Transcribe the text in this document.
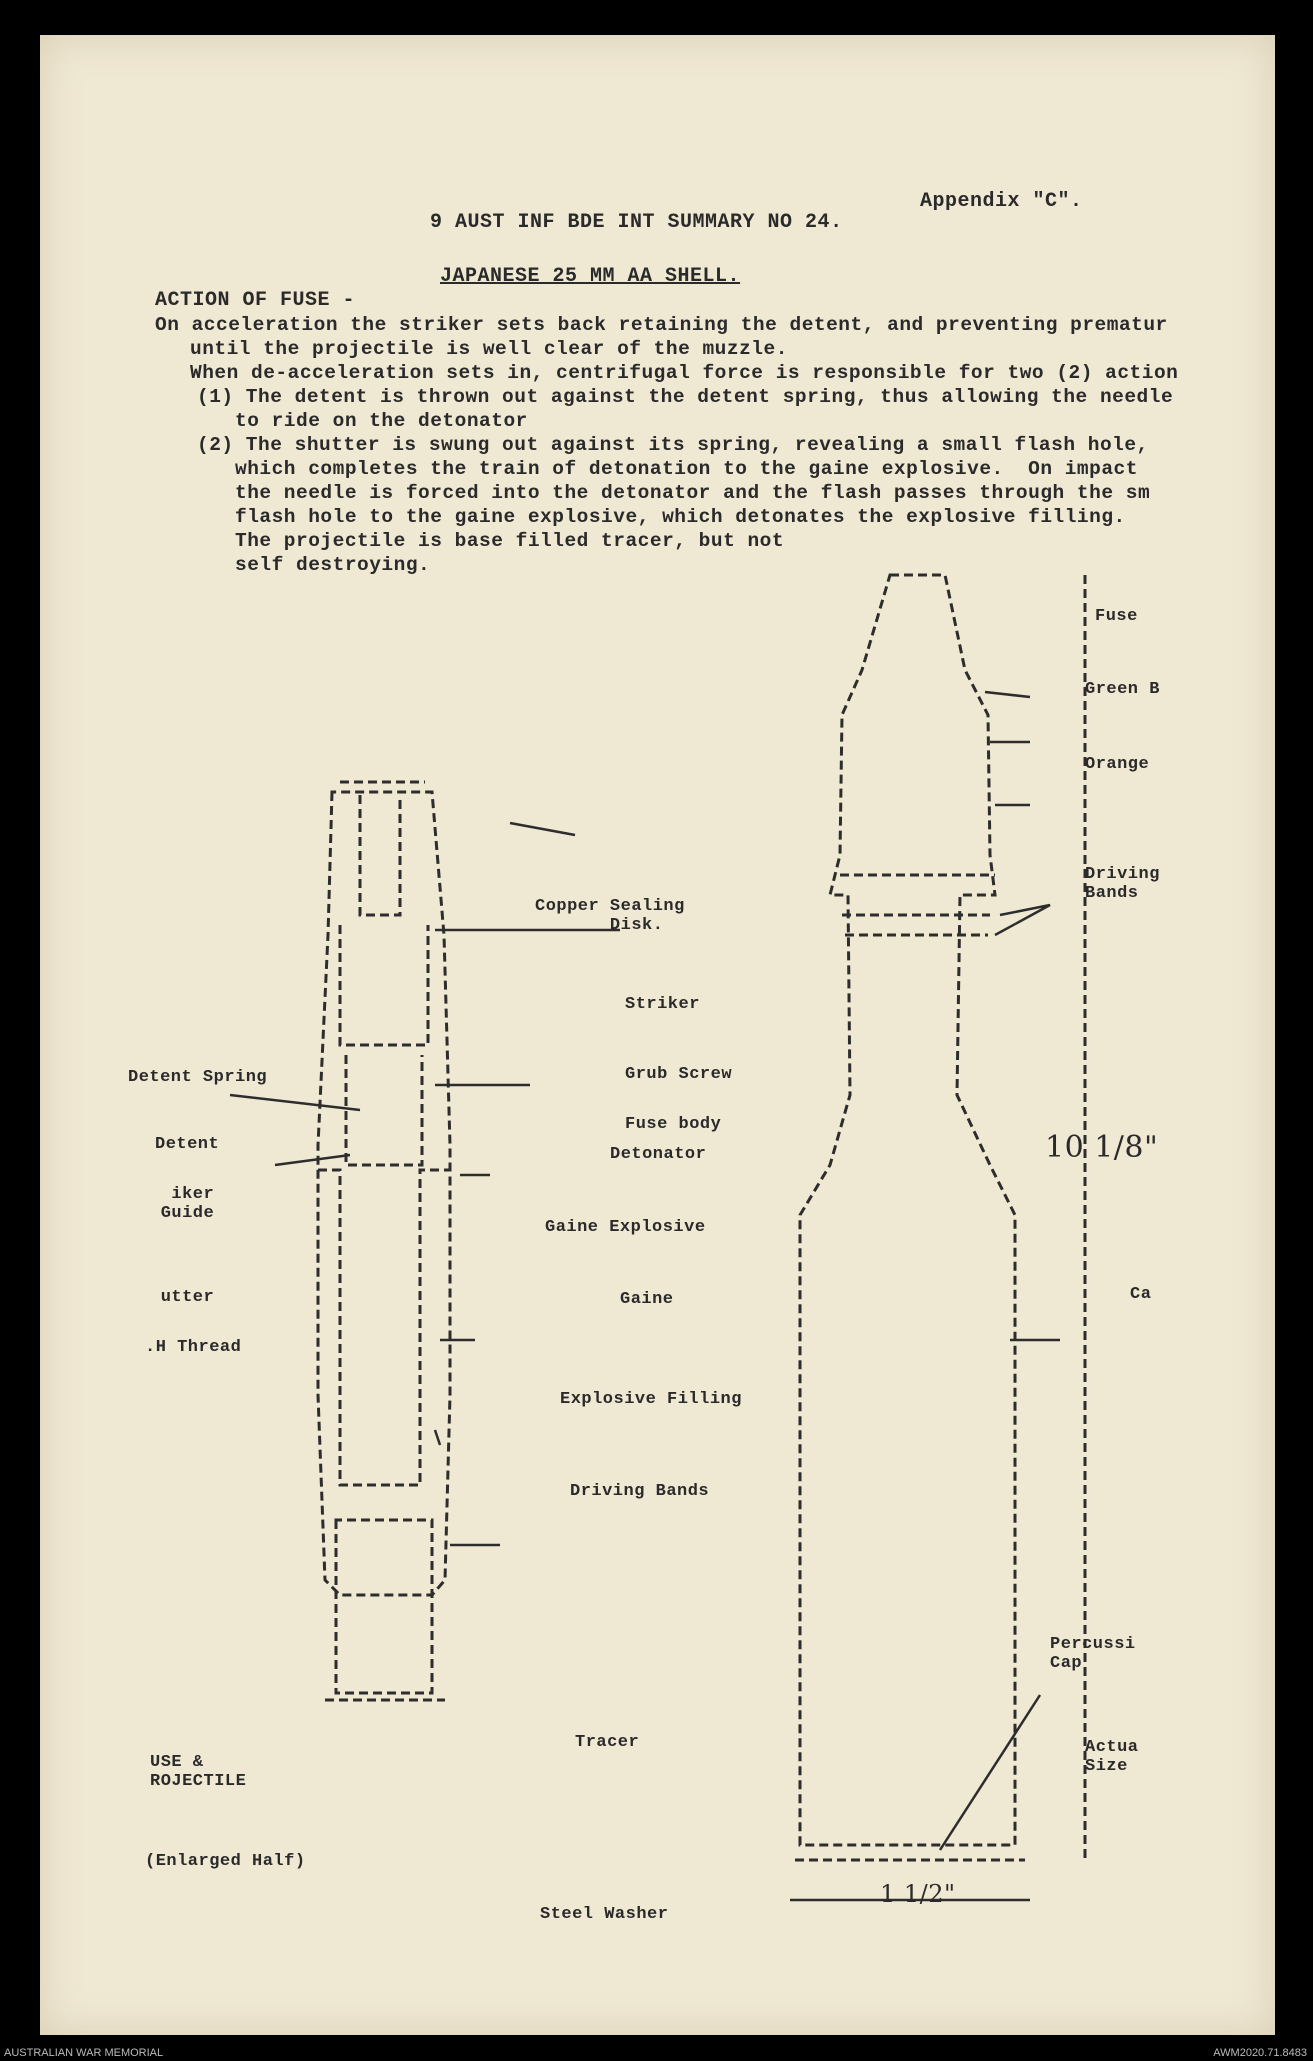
Appendix "C".
9 AUST INF BDE INT SUMMARY NO 24.
JAPANESE 25 MM AA SHELL.
ACTION OF FUSE -
On acceleration the striker sets back retaining the detent, and preventing prematur
until the projectile is well clear of the muzzle.
When de-acceleration sets in, centrifugal force is responsible for two (2) action
(1) The detent is thrown out against the detent spring, thus allowing the needle
to ride on the detonator
(2) The shutter is swung out against its spring, revealing a small flash hole,
which completes the train of detonation to the gaine explosive.  On impact
the needle is forced into the detonator and the flash passes through the sm
flash hole to the gaine explosive, which detonates the explosive filling.
The projectile is base filled tracer, but not
self destroying.
Copper Sealing
Disk.
Striker
Grub Screw
Detent Spring
Fuse body
Detent
Detonator
iker
Guide
Gaine Explosive
utter	Gaine
.H Thread
Explosive Filling
Driving Bands
Tracer
USE &
ROJECTILE
(Enlarged Half)
Steel Washer
Fuse
Green B
Orange
Driving
Bands
10 1/8"
Ca
Percussi
Cap
Actua
Size
1 1/2"
AUSTRALIAN WAR MEMORIAL	AWM2020.71.8483
